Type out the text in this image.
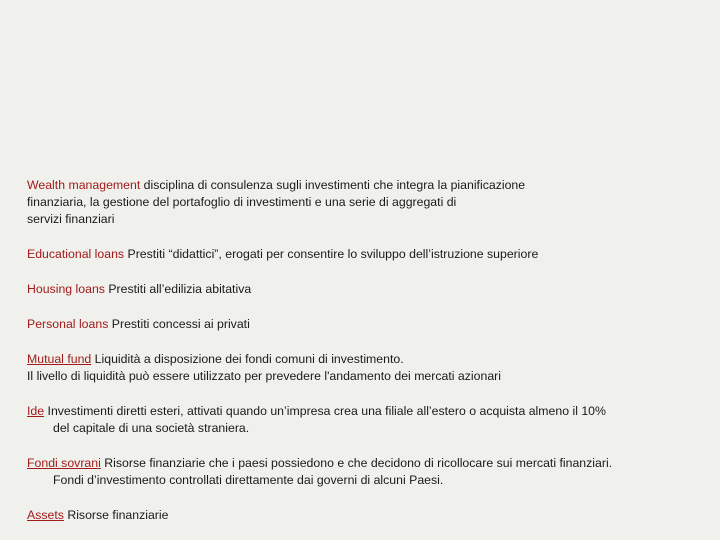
Wealth management disciplina di consulenza sugli investimenti che integra la pianificazione
finanziaria, la gestione del portafoglio di investimenti e una serie di aggregati di
servizi finanziari
Educational loans Prestiti “didattici”, erogati per consentire lo sviluppo dell’istruzione superiore
Housing loans Prestiti all’edilizia abitativa
Personal loans Prestiti concessi ai privati
Mutual fund Liquidità a disposizione dei fondi comuni di investimento.
Il livello di liquidità può essere utilizzato per prevedere l'andamento dei mercati azionari
Ide Investimenti diretti esteri, attivati quando un’impresa crea una filiale all’estero o acquista almeno il 10%

del capitale di una società straniera.
Fondi sovrani Risorse finanziarie che i paesi possiedono e che decidono di ricollocare sui mercati finanziari.

Fondi d’investimento controllati direttamente dai governi di alcuni Paesi.
Assets Risorse finanziarie
